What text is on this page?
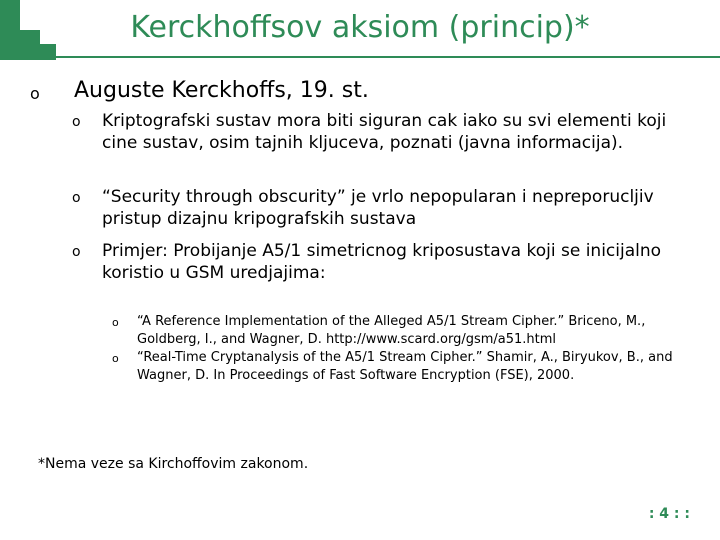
Kerckhoffsov aksiom (princip)*
o Auguste Kerckhoffs, 19. st.
o Kriptografski sustav mora biti siguran cak iako su svi elementi koji cine sustav, osim tajnih kljuceva, poznati (javna informacija).
o “Security through obscurity” je vrlo nepopularan i nepreporucljiv pristup dizajnu kripografskih sustava
o Primjer: Probijanje A5/1 simetricnog kriposustava koji se inicijalno koristio u GSM uredjajima:
o “A Reference Implementation of the Alleged A5/1 Stream Cipher.” Briceno, M., Goldberg, I., and Wagner, D. http://www.scard.org/gsm/a51.html
o “Real-Time Cryptanalysis of the A5/1 Stream Cipher.” Shamir, A., Biryukov, B., and Wagner, D. In Proceedings of Fast Software Encryption (FSE), 2000.
*Nema veze sa Kirchoffovim zakonom.
: 4 : :
